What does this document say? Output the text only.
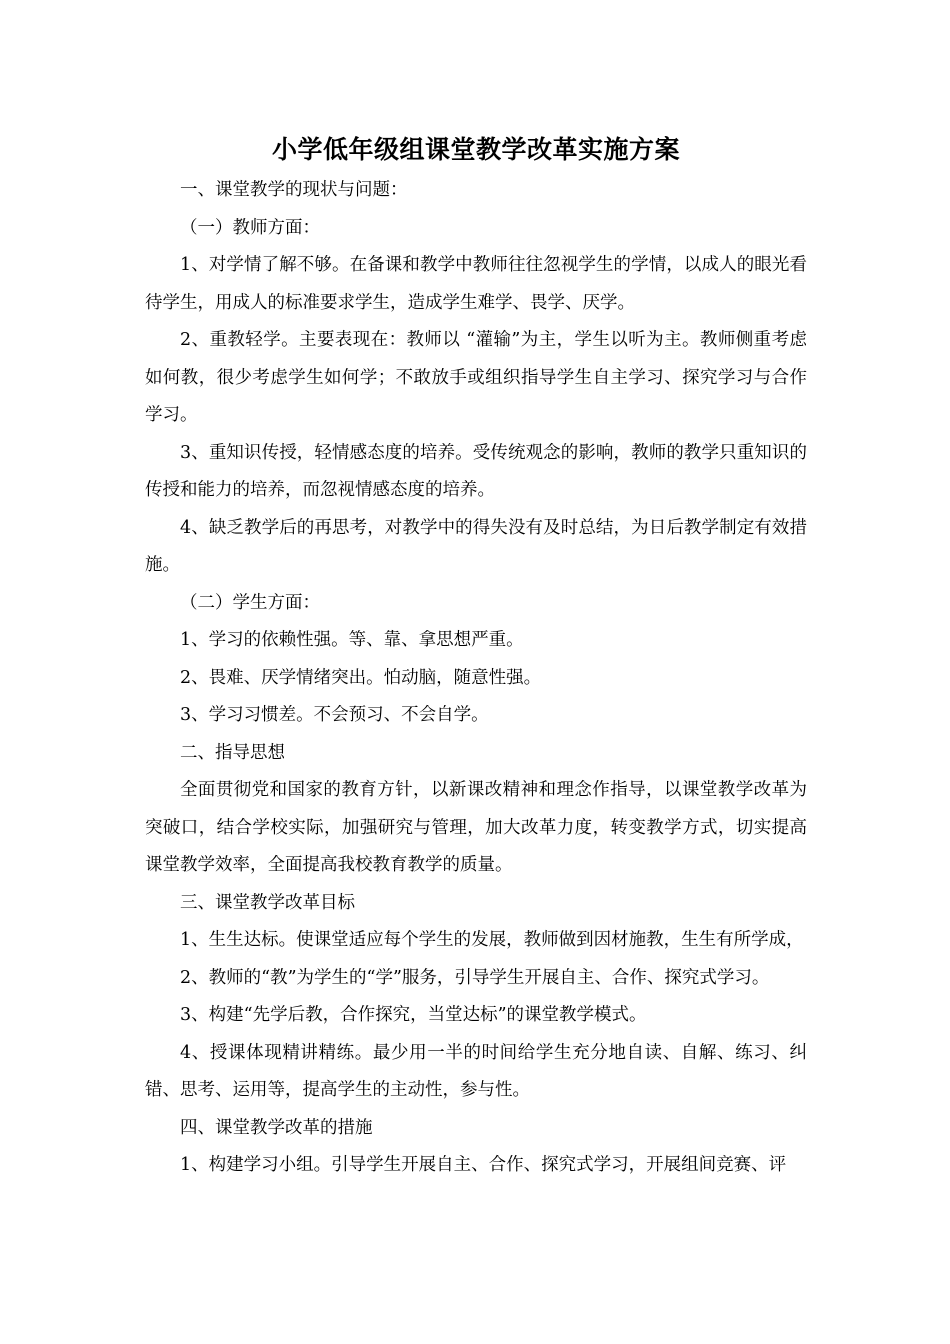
小学低年级组课堂教学改革实施方案

一、课堂教学的现状与问题：

（一）教师方面：

1、对学情了解不够。在备课和教学中教师往往忽视学生的学情，以成人的眼光看待学生，用成人的标准要求学生，造成学生难学、畏学、厌学。

2、重教轻学。主要表现在：教师以 “灌输”为主，学生以听为主。教师侧重考虑如何教，很少考虑学生如何学；不敢放手或组织指导学生自主学习、探究学习与合作学习。

3、重知识传授，轻情感态度的培养。受传统观念的影响，教师的教学只重知识的传授和能力的培养，而忽视情感态度的培养。

4、缺乏教学后的再思考，对教学中的得失没有及时总结，为日后教学制定有效措施。

（二）学生方面：

1、学习的依赖性强。等、靠、拿思想严重。

2、畏难、厌学情绪突出。怕动脑，随意性强。

3、学习习惯差。不会预习、不会自学。

二、指导思想

全面贯彻党和国家的教育方针，以新课改精神和理念作指导，以课堂教学改革为突破口，结合学校实际，加强研究与管理，加大改革力度，转变教学方式，切实提高课堂教学效率，全面提高我校教育教学的质量。

三、课堂教学改革目标

1、生生达标。使课堂适应每个学生的发展，教师做到因材施教，生生有所学成，

2、教师的“教”为学生的“学”服务，引导学生开展自主、合作、探究式学习。

3、构建“先学后教，合作探究，当堂达标”的课堂教学模式。

4、授课体现精讲精练。最少用一半的时间给学生充分地自读、自解、练习、纠错、思考、运用等，提高学生的主动性，参与性。

四、课堂教学改革的措施

1、构建学习小组。引导学生开展自主、合作、探究式学习，开展组间竞赛、评
